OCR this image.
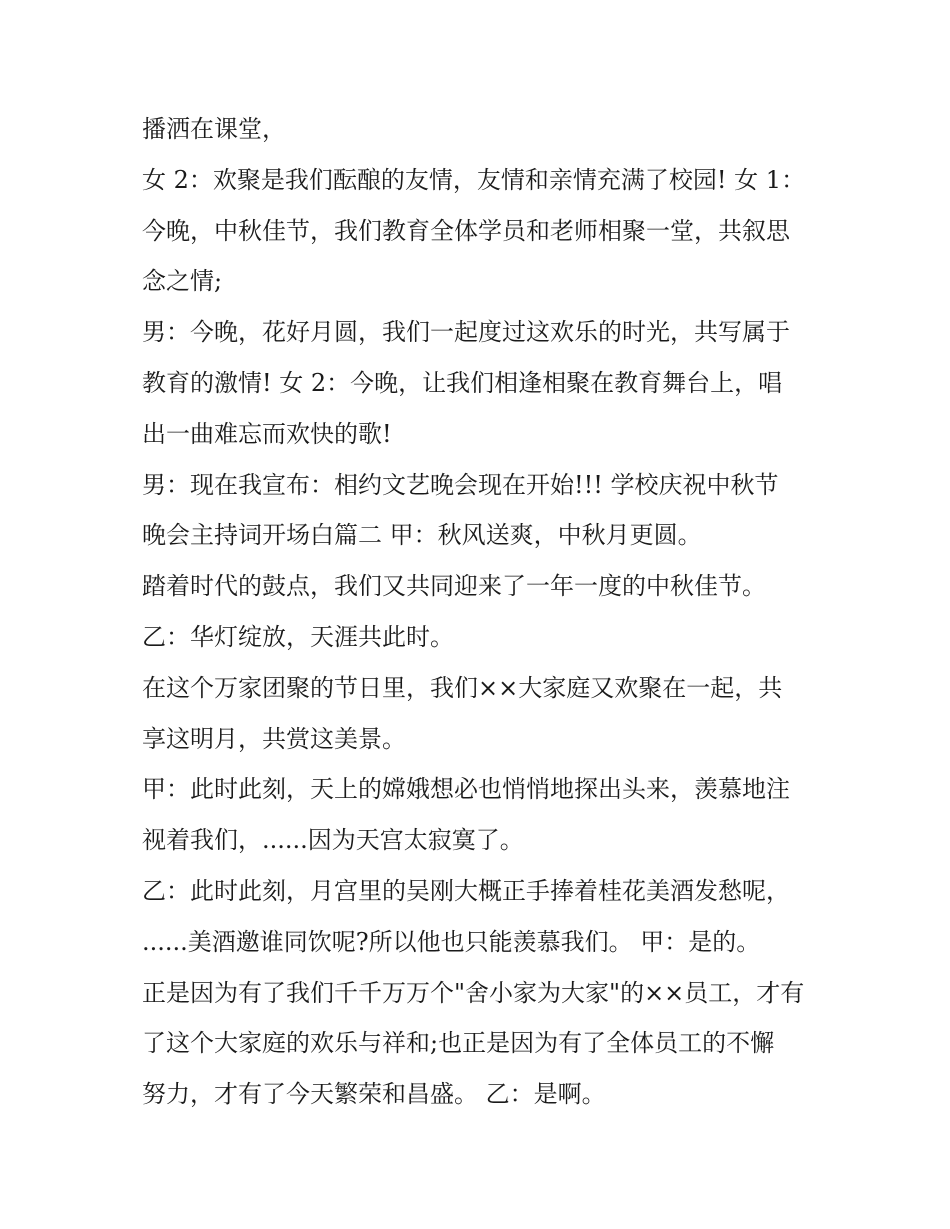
播洒在课堂，
女 2：欢聚是我们酝酿的友情，友情和亲情充满了校园! 女 1：
今晚，中秋佳节，我们教育全体学员和老师相聚一堂，共叙思
念之情;
男：今晚，花好月圆，我们一起度过这欢乐的时光，共写属于
教育的激情! 女 2：今晚，让我们相逢相聚在教育舞台上，唱
出一曲难忘而欢快的歌!
男：现在我宣布：相约文艺晚会现在开始!!! 学校庆祝中秋节
晚会主持词开场白篇二 甲：秋风送爽，中秋月更圆。
踏着时代的鼓点，我们又共同迎来了一年一度的中秋佳节。
乙：华灯绽放，天涯共此时。
在这个万家团聚的节日里，我们××大家庭又欢聚在一起，共
享这明月，共赏这美景。
甲：此时此刻，天上的嫦娥想必也悄悄地探出头来，羡慕地注
视着我们，......因为天宫太寂寞了。
乙：此时此刻，月宫里的吴刚大概正手捧着桂花美酒发愁呢，
......美酒邀谁同饮呢?所以他也只能羡慕我们。 甲：是的。
正是因为有了我们千千万万个"舍小家为大家"的××员工，才有
了这个大家庭的欢乐与祥和;也正是因为有了全体员工的不懈
努力，才有了今天繁荣和昌盛。 乙：是啊。
